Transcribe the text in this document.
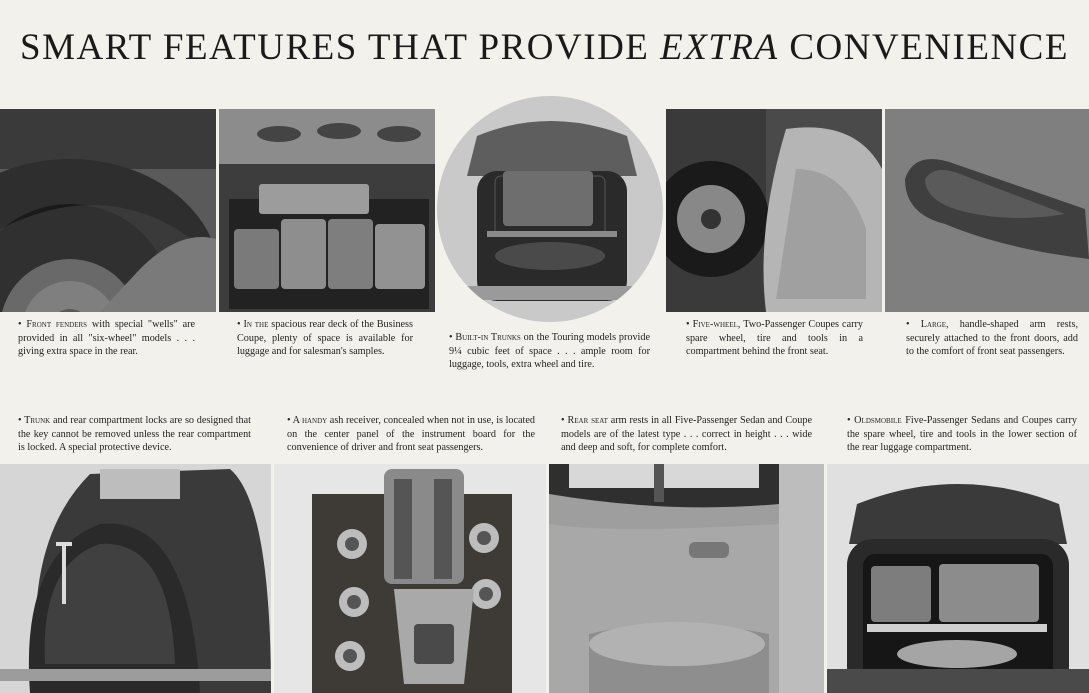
SMART FEATURES THAT PROVIDE EXTRA CONVENIENCE
• Front fenders with special "wells" are provided in all "six-wheel" models . . . giving extra space in the rear.
• In the spacious rear deck of the Business Coupe, plenty of space is available for luggage and for salesman's samples.
• Built-in Trunks on the Touring models provide 9¼ cubic feet of space . . . ample room for luggage, tools, extra wheel and tire.
• Five-wheel, Two-Passenger Coupes carry spare wheel, tire and tools in a compartment behind the front seat.
• Large, handle-shaped arm rests, securely attached to the front doors, add to the comfort of front seat passengers.
• Trunk and rear compartment locks are so designed that the key cannot be removed unless the rear compartment is locked. A special protective device.
• A handy ash receiver, concealed when not in use, is located on the center panel of the instrument board for the convenience of driver and front seat passengers.
• Rear seat arm rests in all Five-Passenger Sedan and Coupe models are of the latest type . . . correct in height . . . wide and deep and soft, for complete comfort.
• Oldsmobile Five-Passenger Sedans and Coupes carry the spare wheel, tire and tools in the lower section of the rear luggage compartment.
